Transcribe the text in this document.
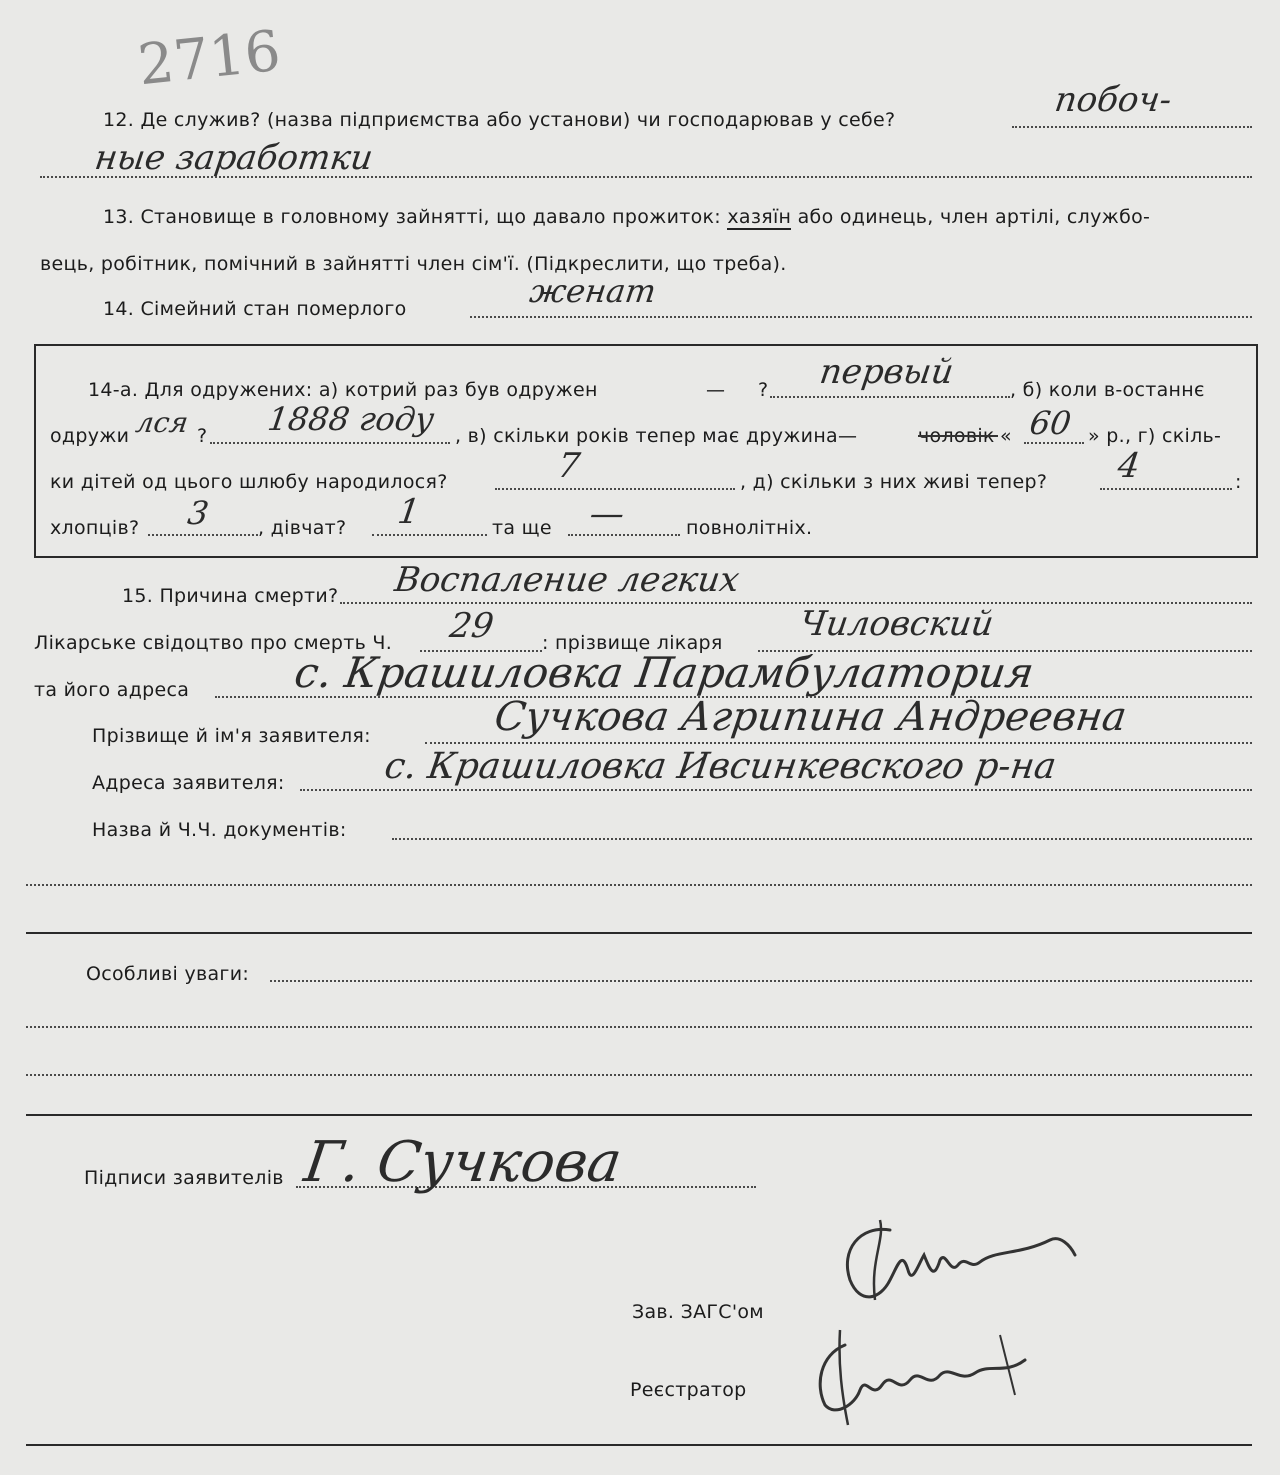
2716
12. Де служив? (назва підприємства або установи) чи господарював у себе?	побоч-
ные заработки
13. Становище в головному зайнятті, що давало прожиток: хазяїн або одинець, член артілі, службо-
вець, робітник, помічний в зайнятті член сім'ї. (Підкреслити, що треба).
14. Сімейний стан померлого	женат
14-а. Для одружених: а) котрий раз був одружен	— ? первый	, б) коли в-останнє
одружи лся ? 1888 году , в) скільки років тепер має дружина—	чоловік « 60 » р., г) скіль-
ки дітей од цього шлюбу народилося?	7	, д) скільки з них живі тепер? 4	:
хлопців? 3 , дівчат? 1	та ще —	повнолітніх.
15. Причина смерти? Воспаление легких
Лікарське свідоцтво про смерть Ч. 29 : прізвище лікаря Чиловский
та його адреса с. Крашиловка Парамбулатория
Прізвище й ім'я заявителя:	Сучкова Агрипина Андреевна
Адреса заявителя:	с. Крашиловка Ивсинкевского р-на
Назва й Ч.Ч. документів:
Особливі уваги:
Підписи заявителів Г. Сучкова
Зав. ЗАГС'ом
Реєстратор
